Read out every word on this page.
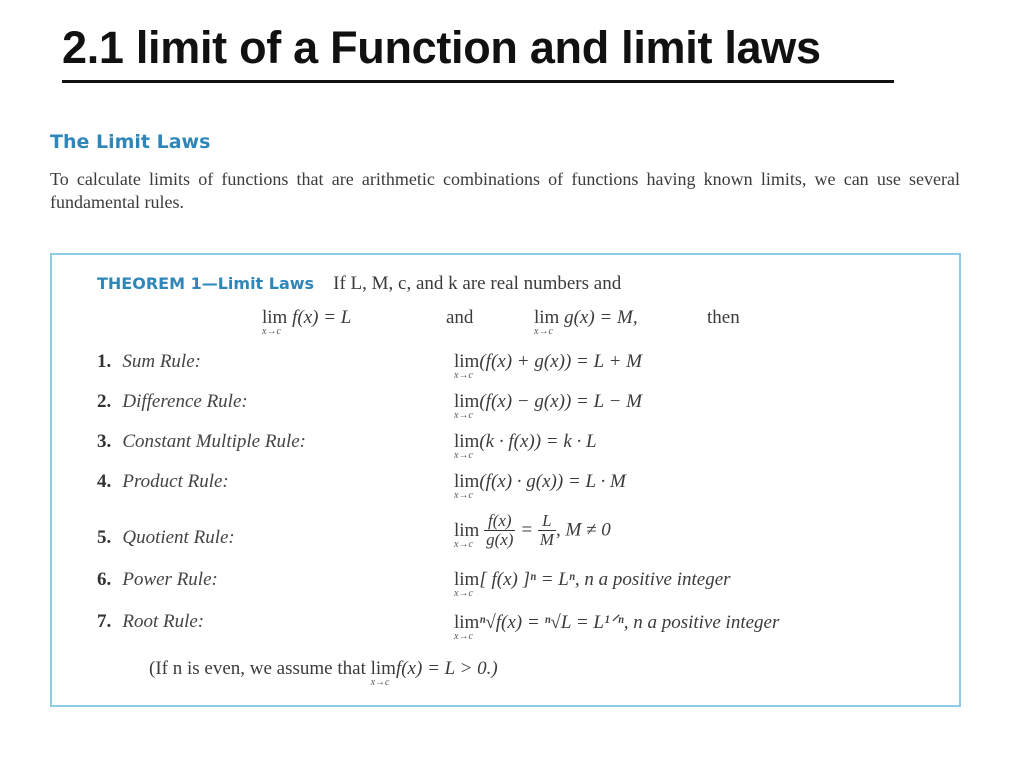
2.1 limit of a Function and limit laws
The Limit Laws
To calculate limits of functions that are arithmetic combinations of functions having known limits, we can use several fundamental rules.
THEOREM 1—Limit Laws If L, M, c, and k are real numbers and
lim
x→c
f(x) = L	and	lim
x→c
g(x) = M,	then
1. Sum Rule:	lim
x→c
(f(x) + g(x)) = L + M
2. Difference Rule:	lim
x→c
(f(x) − g(x)) = L − M
3. Constant Multiple Rule:	lim
x→c
(k · f(x)) = k · L
4. Product Rule:	lim
x→c
(f(x) · g(x)) = L · M
5. Quotient Rule:	lim
x→c
$\frac{f(x)}{g(x)} = \frac{L}{M}$ , M ≠ 0
6. Power Rule:	lim
x→c
[ f(x) ]ⁿ = Lⁿ, n a positive integer
7. Root Rule:	lim
x→c
ⁿ√f(x) = ⁿ√L = L¹ᐟⁿ, n a positive integer
(If n is even, we assume that lim
x→c
f(x) = L > 0.)
